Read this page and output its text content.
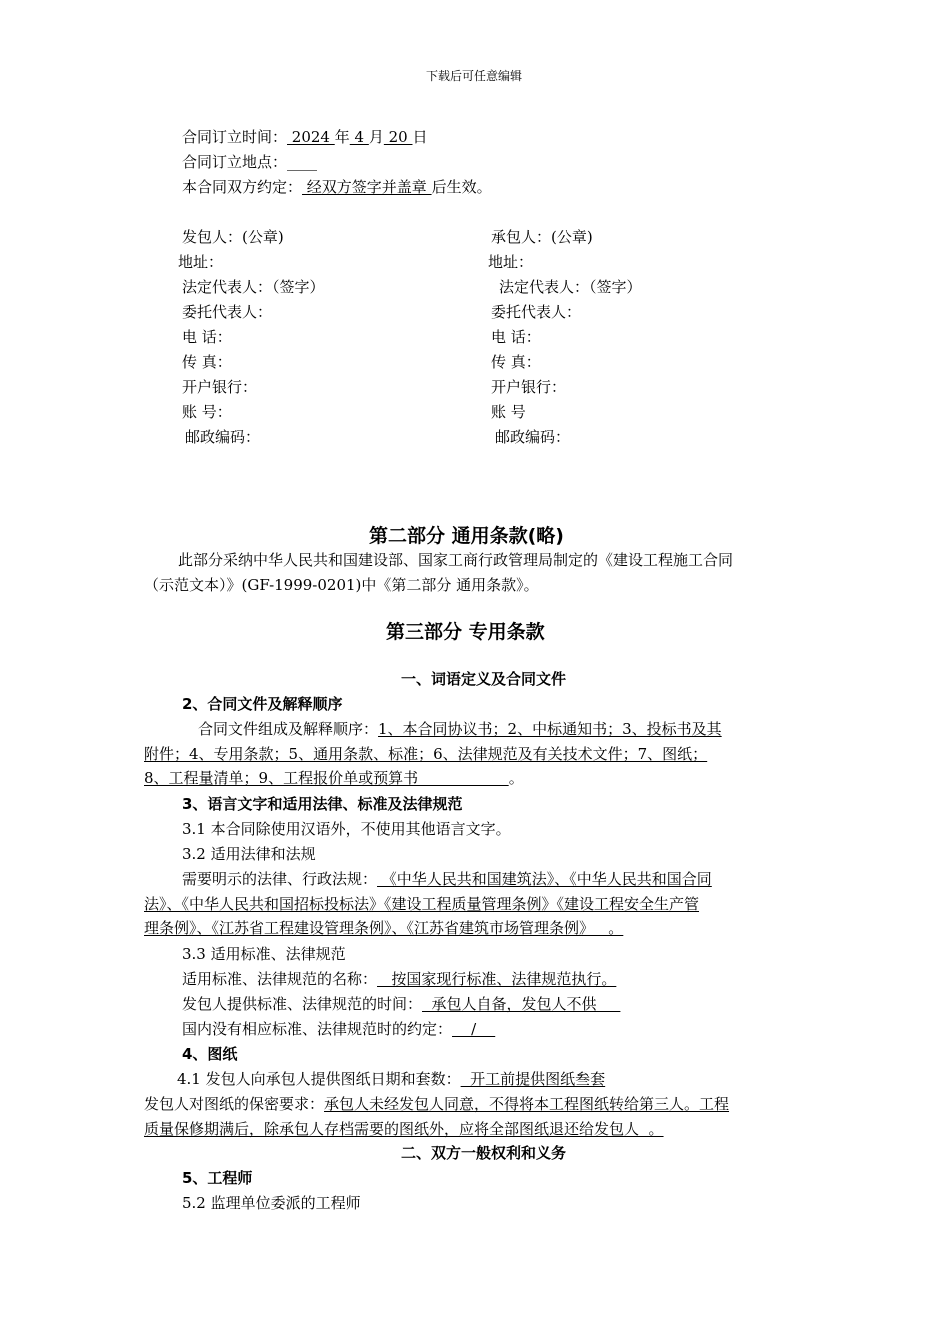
下载后可任意编辑
合同订立时间： 2024 年 4 月 20 日
合同订立地点：____
本合同双方约定： 经双方签字并盖章 后生效。
发包人：(公章)
地址：
法定代表人：（签字）
委托代表人：
电 话：
传 真：
开户银行：
账 号：
邮政编码：
承包人：(公章)
地址：
法定代表人：（签字）
委托代表人：
电 话：
传 真：
开户银行：
账 号
邮政编码：
第二部分 通用条款(略)
此部分采纳中华人民共和国建设部、国家工商行政管理局制定的《建设工程施工合同
（示范文本）》(GF-1999-0201)中《第二部分 通用条款》。
第三部分 专用条款
一、词语定义及合同文件
2、合同文件及解释顺序
合同文件组成及解释顺序：1、本合同协议书；2、中标通知书；3、投标书及其
附件；4、专用条款；5、通用条款、标准；6、法律规范及有关技术文件；7、图纸；
8、工程量清单；9、工程报价单或预算书                   。
3、语言文字和适用法律、标准及法律规范
3.1 本合同除使用汉语外，不使用其他语言文字。
3.2 适用法律和法规
需要明示的法律、行政法规： 《中华人民共和国建筑法》、《中华人民共和国合同
法》、《中华人民共和国招标投标法》《建设工程质量管理条例》《建设工程安全生产管
理条例》、《江苏省工程建设管理条例》、《江苏省建筑市场管理条例》   。
3.3 适用标准、法律规范
适用标准、法律规范的名称：   按国家现行标准、法律规范执行。
发包人提供标准、法律规范的时间：  承包人自备，发包人不供
国内没有相应标准、法律规范时的约定：    /
4、图纸
4.1 发包人向承包人提供图纸日期和套数：  开工前提供图纸叁套
发包人对图纸的保密要求：承包人未经发包人同意，不得将本工程图纸转给第三人。工程
质量保修期满后，除承包人存档需要的图纸外，应将全部图纸退还给发包人  。
二、双方一般权利和义务
5、工程师
5.2 监理单位委派的工程师
